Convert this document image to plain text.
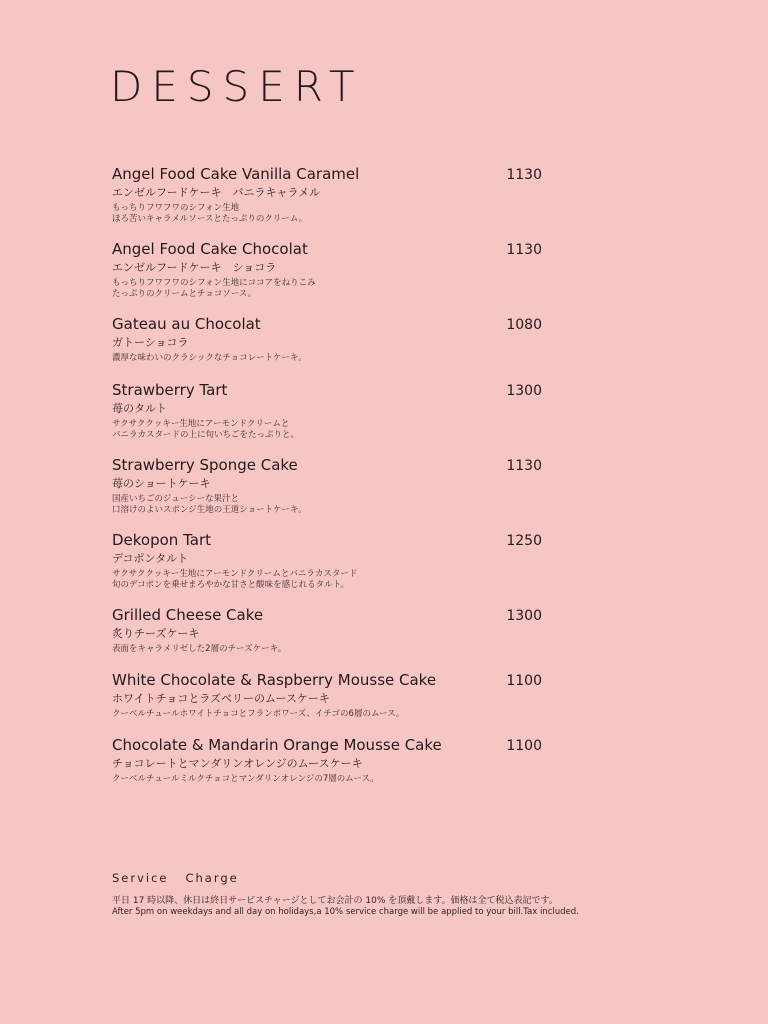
DESSERT
Angel Food Cake Vanilla Caramel	1130
エンゼルフードケーキ　バニラキャラメル
もっちりフワフワのシフォン生地
ほろ苦いキャラメルソースとたっぷりのクリーム。
Angel Food Cake Chocolat	1130
エンゼルフードケーキ　ショコラ
もっちりフワフワのシフォン生地にココアをねりこみ
たっぷりのクリームとチョコソース。
Gateau au Chocolat	1080
ガトーショコラ
濃厚な味わいのクラシックなチョコレートケーキ。
Strawberry Tart	1300
苺のタルト
サクサククッキー生地にアーモンドクリームと
バニラカスタードの上に旬いちごをたっぷりと。
Strawberry Sponge Cake	1130
苺のショートケーキ
国産いちごのジューシーな果汁と
口溶けのよいスポンジ生地の王道ショートケーキ。
Dekopon Tart	1250
デコポンタルト
サクサククッキー生地にアーモンドクリームとバニラカスタード
旬のデコポンを乗せまろやかな甘さと酸味を感じれるタルト。
Grilled Cheese Cake	1300
炙りチーズケーキ
表面をキャラメリゼした2層のチーズケーキ。
White Chocolate & Raspberry Mousse Cake	1100
ホワイトチョコとラズベリーのムースケーキ
クーベルチュールホワイトチョコとフランボワーズ、イチゴの6層のムース。
Chocolate & Mandarin Orange Mousse Cake	1100
チョコレートとマンダリンオレンジのムースケーキ
クーベルチュールミルクチョコとマンダリンオレンジの7層のムース。
Service   Charge
平日 17 時以降、休日は終日サービスチャージとしてお会計の 10% を頂戴します。価格は全て税込表記です。
After 5pm on weekdays and all day on holidays,a 10% service charge will be applied to your bill.Tax included.
